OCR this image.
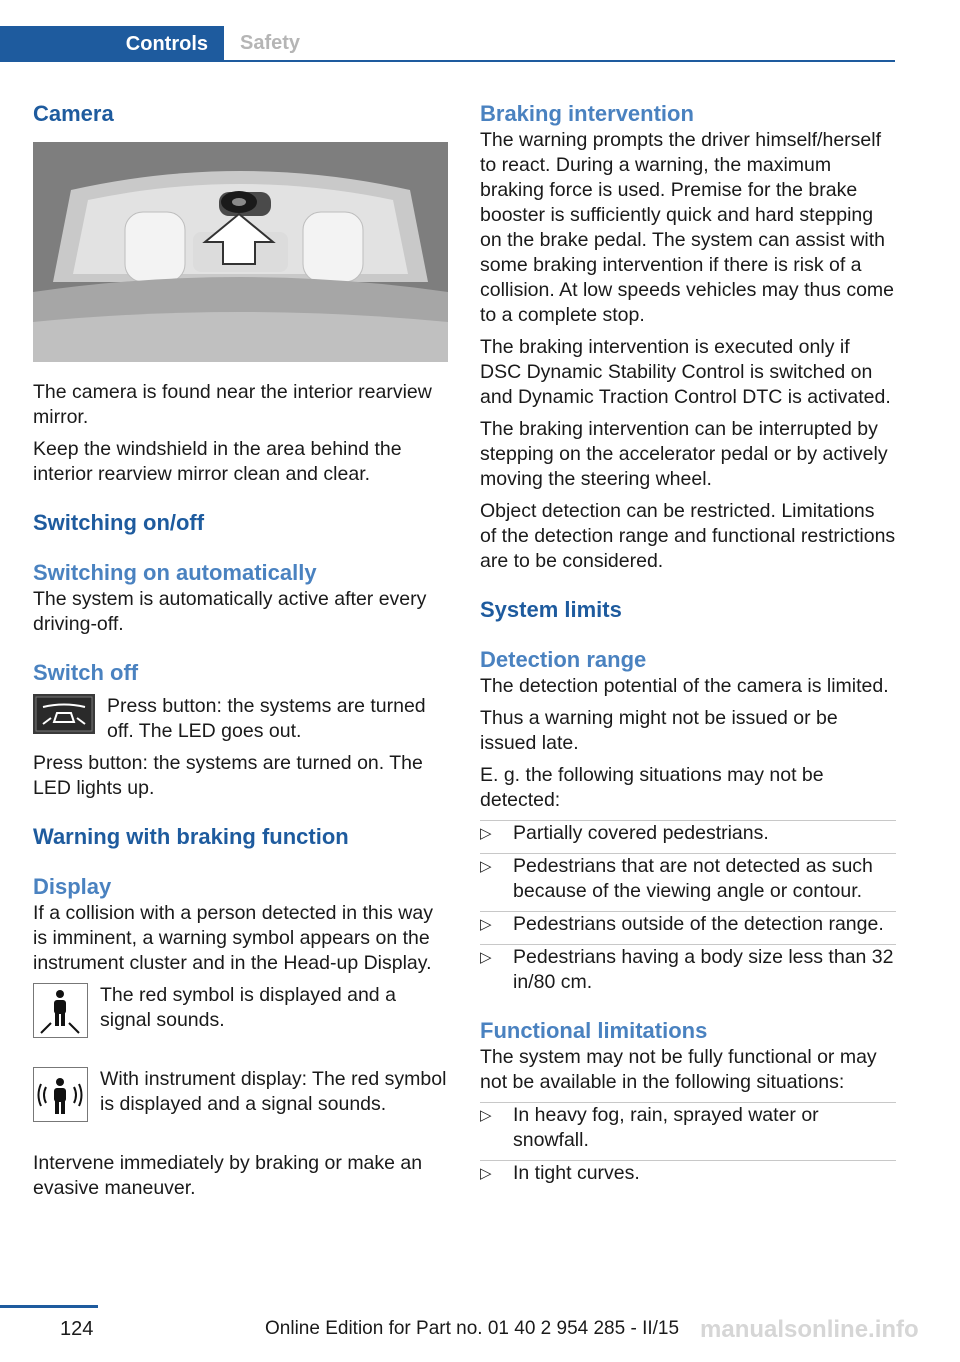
Controls	Safety
Camera

The camera is found near the interior rearview mirror.

Keep the windshield in the area behind the interior rearview mirror clean and clear.

Switching on/off
Switching on automatically

The system is automatically active after every driving-off.

Switch off

Press button: the systems are turned off. The LED goes out.

Press button: the systems are turned on. The LED lights up.

Warning with braking function
Display

If a collision with a person detected in this way is imminent, a warning symbol appears on the instrument cluster and in the Head-up Display.

The red symbol is displayed and a signal sounds.

With instrument display: The red symbol is displayed and a signal sounds.

Intervene immediately by braking or make an evasive maneuver.

Braking intervention

The warning prompts the driver himself/herself to react. During a warning, the maximum braking force is used. Premise for the brake booster is sufficiently quick and hard stepping on the brake pedal. The system can assist with some braking intervention if there is risk of a collision. At low speeds vehicles may thus come to a complete stop.

The braking intervention is executed only if DSC Dynamic Stability Control is switched on and Dynamic Traction Control DTC is activated.

The braking intervention can be interrupted by stepping on the accelerator pedal or by actively moving the steering wheel.

Object detection can be restricted. Limitations of the detection range and functional restrictions are to be considered.

System limits
Detection range

The detection potential of the camera is limited.

Thus a warning might not be issued or be issued late.

E. g. the following situations may not be detected:

▷	Partially covered pedestrians.
▷	Pedestrians that are not detected as such because of the viewing angle or contour.
▷	Pedestrians outside of the detection range.
▷	Pedestrians having a body size less than 32 in/80 cm.
Functional limitations

The system may not be fully functional or may not be available in the following situations:

▷	In heavy fog, rain, sprayed water or snowfall.
▷	In tight curves.
124	Online Edition for Part no. 01 40 2 954 285 - II/15 manualsonline.info
